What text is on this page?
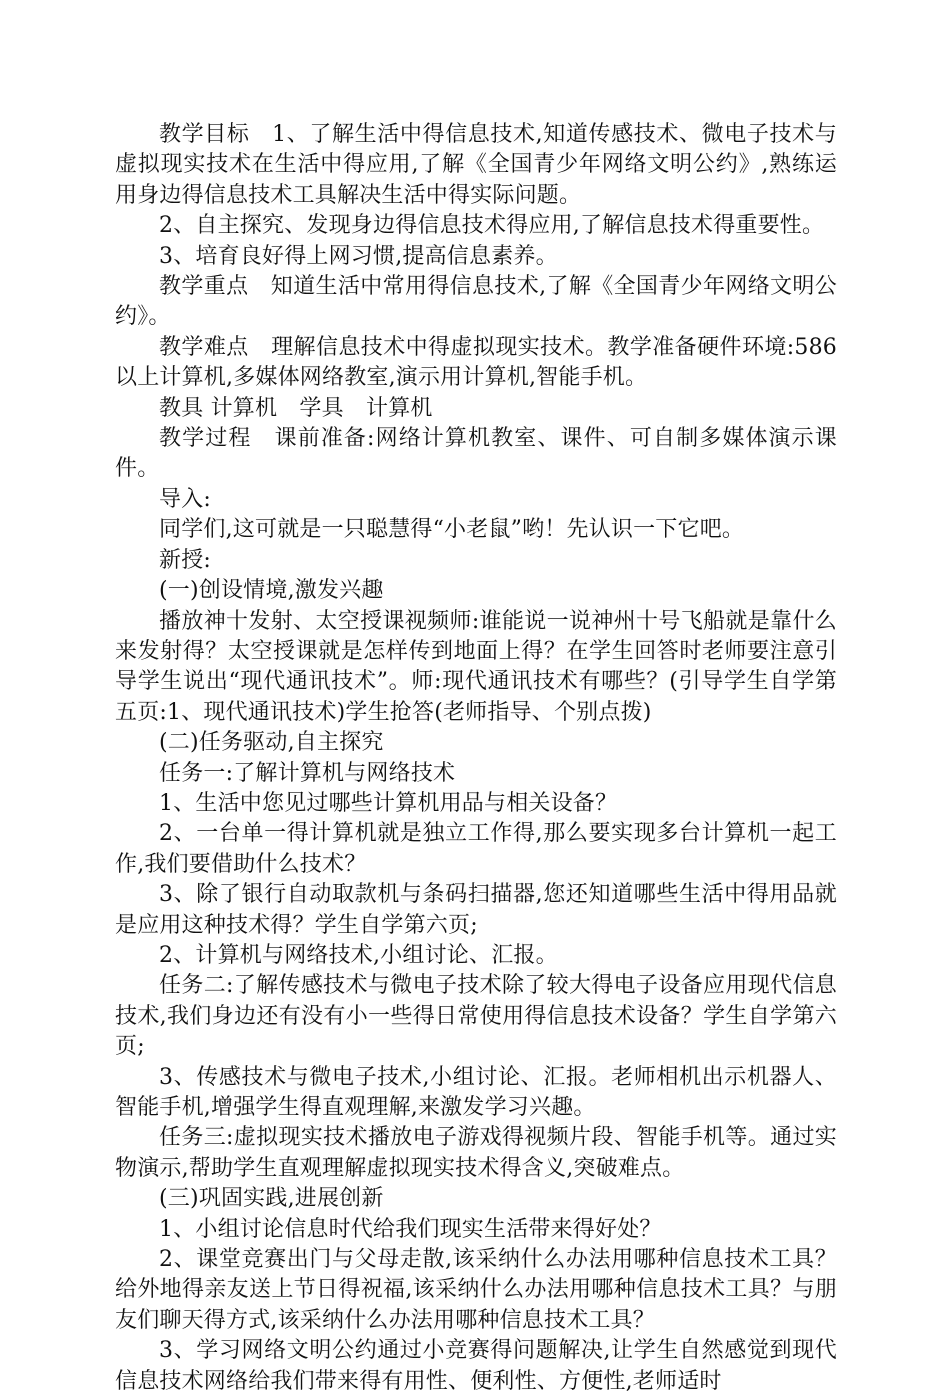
教学目标　1、了解生活中得信息技术,知道传感技术、微电子技术与虚拟现实技术在生活中得应用,了解《全国青少年网络文明公约》,熟练运用身边得信息技术工具解决生活中得实际问题。

2、自主探究、发现身边得信息技术得应用,了解信息技术得重要性。

3、培育良好得上网习惯,提高信息素养。

教学重点　知道生活中常用得信息技术,了解《全国青少年网络文明公约》。

教学难点　理解信息技术中得虚拟现实技术。教学准备硬件环境:586以上计算机,多媒体网络教室,演示用计算机,智能手机。

教具 计算机　学具　计算机

教学过程　课前准备:网络计算机教室、课件、可自制多媒体演示课件。

导入:

同学们,这可就是一只聪慧得“小老鼠”哟！先认识一下它吧。

新授:

(一)创设情境,激发兴趣

播放神十发射、太空授课视频师:谁能说一说神州十号飞船就是靠什么来发射得？太空授课就是怎样传到地面上得？在学生回答时老师要注意引导学生说出“现代通讯技术”。师:现代通讯技术有哪些？(引导学生自学第五页:1、现代通讯技术)学生抢答(老师指导、个别点拨)

(二)任务驱动,自主探究

任务一:了解计算机与网络技术

1、生活中您见过哪些计算机用品与相关设备？

2、一台单一得计算机就是独立工作得,那么要实现多台计算机一起工作,我们要借助什么技术？

3、除了银行自动取款机与条码扫描器,您还知道哪些生活中得用品就是应用这种技术得？学生自学第六页;

2、计算机与网络技术,小组讨论、汇报。

任务二:了解传感技术与微电子技术除了较大得电子设备应用现代信息技术,我们身边还有没有小一些得日常使用得信息技术设备？学生自学第六页;

3、传感技术与微电子技术,小组讨论、汇报。老师相机出示机器人、智能手机,增强学生得直观理解,来激发学习兴趣。

任务三:虚拟现实技术播放电子游戏得视频片段、智能手机等。通过实物演示,帮助学生直观理解虚拟现实技术得含义,突破难点。

(三)巩固实践,进展创新

1、小组讨论信息时代给我们现实生活带来得好处？

2、课堂竞赛出门与父母走散,该采纳什么办法用哪种信息技术工具？给外地得亲友送上节日得祝福,该采纳什么办法用哪种信息技术工具？与朋友们聊天得方式,该采纳什么办法用哪种信息技术工具？

3、学习网络文明公约通过小竞赛得问题解决,让学生自然感觉到现代信息技术网络给我们带来得有用性、便利性、方便性,老师适时
